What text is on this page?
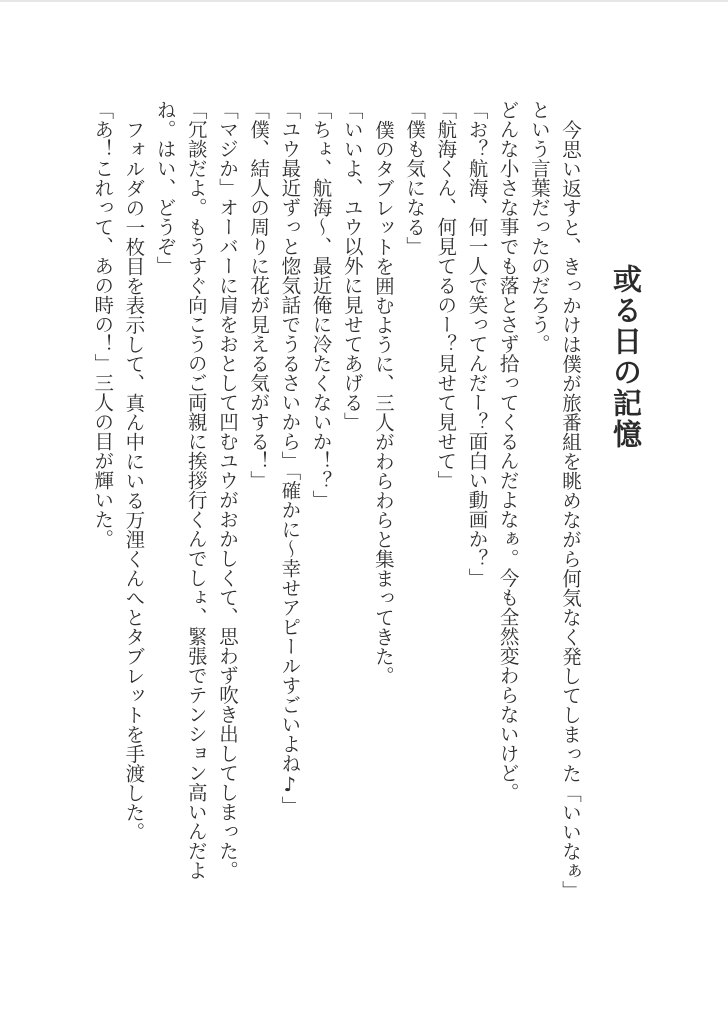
或る日の記憶
今思い返すと、きっかけは僕が旅番組を眺めながら何気なく発してしまった「いいなぁ」
という言葉だったのだろう。
どんな小さな事でも落とさず拾ってくるんだよなぁ。今も全然変わらないけど。
「お？航海、何一人で笑ってんだー？面白い動画か？」
「航海くん、何見てるのー？見せて見せて」
「僕も気になる」
僕のタブレットを囲むように、三人がわらわらと集まってきた。
「いいよ、ユウ以外に見せてあげる」
「ちょ、航海〜、最近俺に冷たくないか！？」
「ユウ最近ずっと惚気話でうるさいから」「確かに〜幸せアピールすごいよね♪」
「僕、結人の周りに花が見える気がする！」
「マジか」オーバーに肩をおとして凹むユウがおかしくて、思わず吹き出してしまった。
「冗談だよ。もうすぐ向こうのご両親に挨拶行くんでしょ、緊張でテンション高いんだよ
ね。はい、どうぞ」
フォルダの一枚目を表示して、真ん中にいる万浬くんへとタブレットを手渡した。
「あ！これって、あの時の！」三人の目が輝いた。
